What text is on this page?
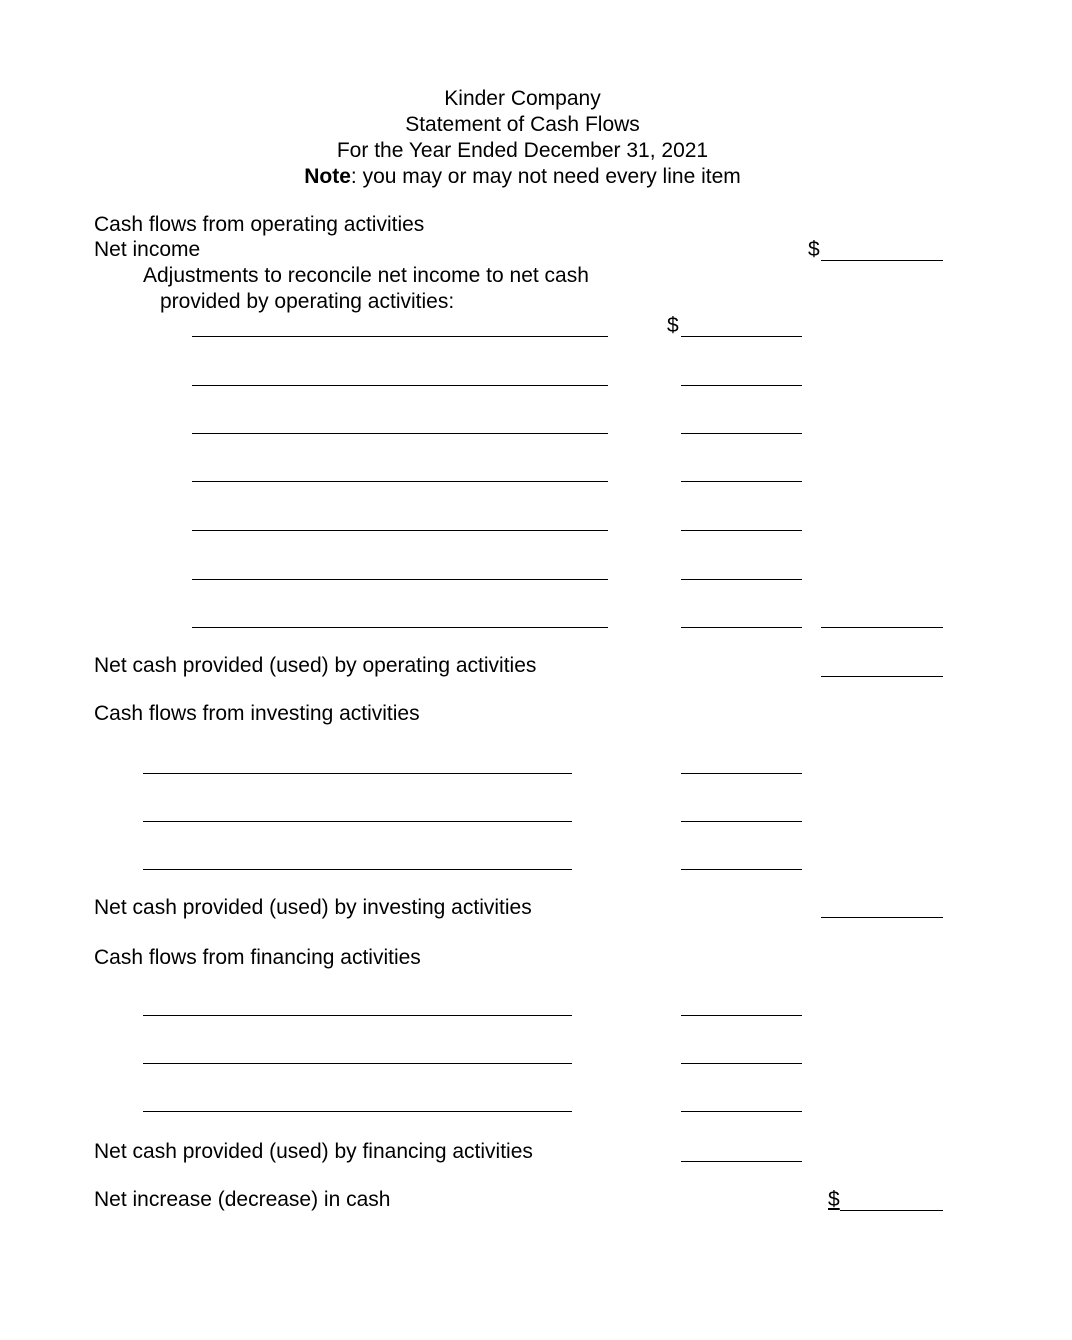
Kinder Company
Statement of Cash Flows
For the Year Ended December 31, 2021
Note: you may or may not need every line item
Cash flows from operating activities
Net income	$
Adjustments to reconcile net income to net cash
provided by operating activities:
$
Net cash provided (used) by operating activities
Cash flows from investing activities
Net cash provided (used) by investing activities
Cash flows from financing activities
Net cash provided (used) by financing activities
Net increase (decrease) in cash	$
